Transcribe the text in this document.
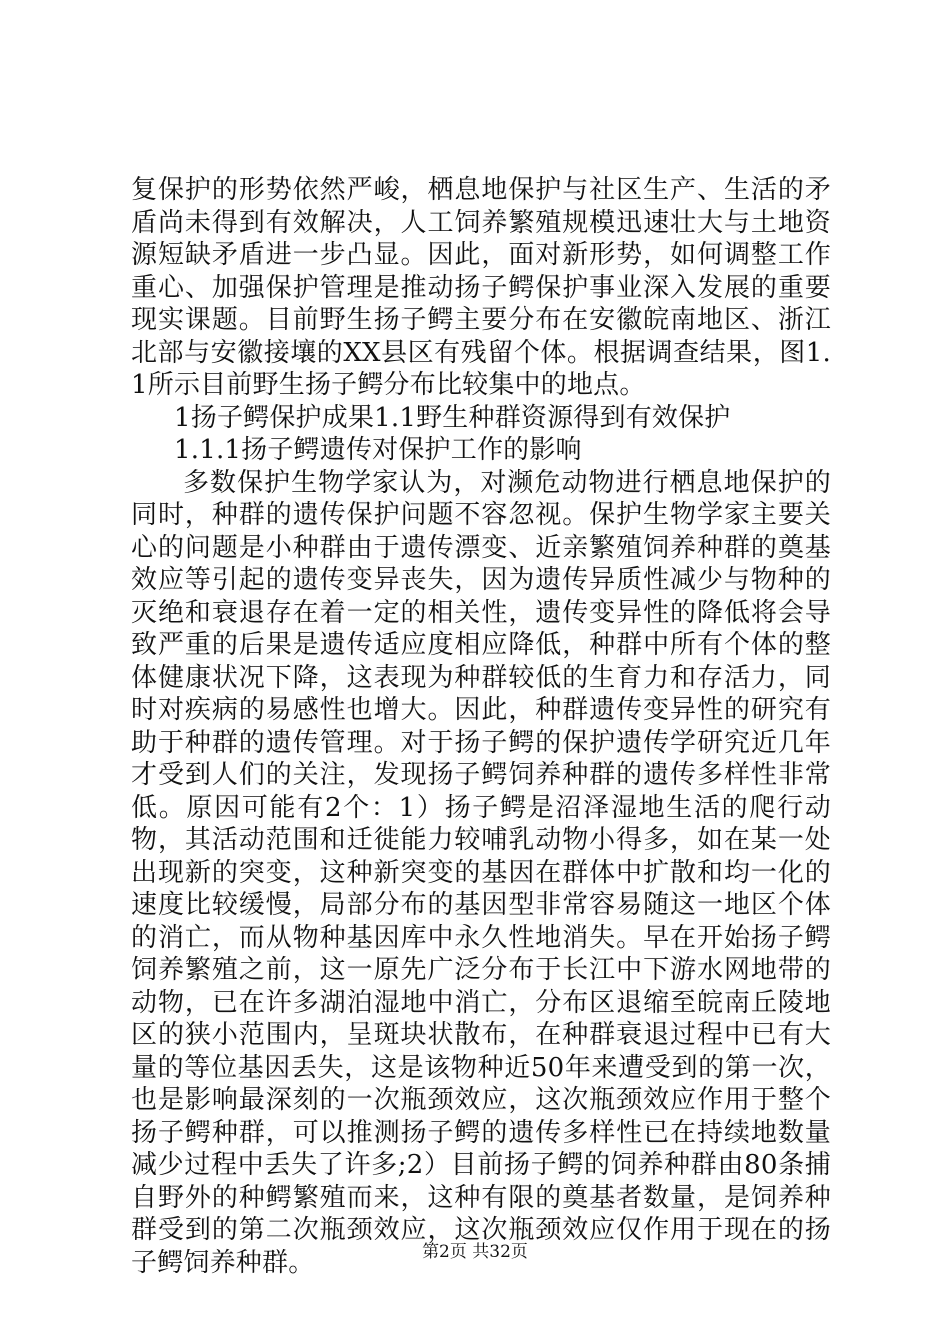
复保护的形势依然严峻，栖息地保护与社区生产、生活的矛盾尚未得到有效解决，人工饲养繁殖规模迅速壮大与土地资源短缺矛盾进一步凸显。因此，面对新形势，如何调整工作重心、加强保护管理是推动扬子鳄保护事业深入发展的重要现实课题。目前野生扬子鳄主要分布在安徽皖南地区、浙江北部与安徽接壤的XX县区有残留个体。根据调查结果，图1.1所示目前野生扬子鳄分布比较集中的地点。

1扬子鳄保护成果1.1野生种群资源得到有效保护

1.1.1扬子鳄遗传对保护工作的影响

多数保护生物学家认为，对濒危动物进行栖息地保护的同时，种群的遗传保护问题不容忽视。保护生物学家主要关心的问题是小种群由于遗传漂变、近亲繁殖饲养种群的奠基效应等引起的遗传变异丧失，因为遗传异质性减少与物种的灭绝和衰退存在着一定的相关性，遗传变异性的降低将会导致严重的后果是遗传适应度相应降低，种群中所有个体的整体健康状况下降，这表现为种群较低的生育力和存活力，同时对疾病的易感性也增大。因此，种群遗传变异性的研究有助于种群的遗传管理。对于扬子鳄的保护遗传学研究近几年才受到人们的关注，发现扬子鳄饲养种群的遗传多样性非常低。原因可能有2个：1）扬子鳄是沼泽湿地生活的爬行动物，其活动范围和迁徙能力较哺乳动物小得多，如在某一处出现新的突变，这种新突变的基因在群体中扩散和均一化的速度比较缓慢，局部分布的基因型非常容易随这一地区个体的消亡，而从物种基因库中永久性地消失。早在开始扬子鳄饲养繁殖之前，这一原先广泛分布于长江中下游水网地带的动物，已在许多湖泊湿地中消亡，分布区退缩至皖南丘陵地区的狭小范围内，呈斑块状散布，在种群衰退过程中已有大量的等位基因丢失，这是该物种近50年来遭受到的第一次，也是影响最深刻的一次瓶颈效应，这次瓶颈效应作用于整个扬子鳄种群，可以推测扬子鳄的遗传多样性已在持续地数量减少过程中丢失了许多;2）目前扬子鳄的饲养种群由80条捕自野外的种鳄繁殖而来，这种有限的奠基者数量，是饲养种群受到的第二次瓶颈效应，这次瓶颈效应仅作用于现在的扬子鳄饲养种群。	第2页 共32页
